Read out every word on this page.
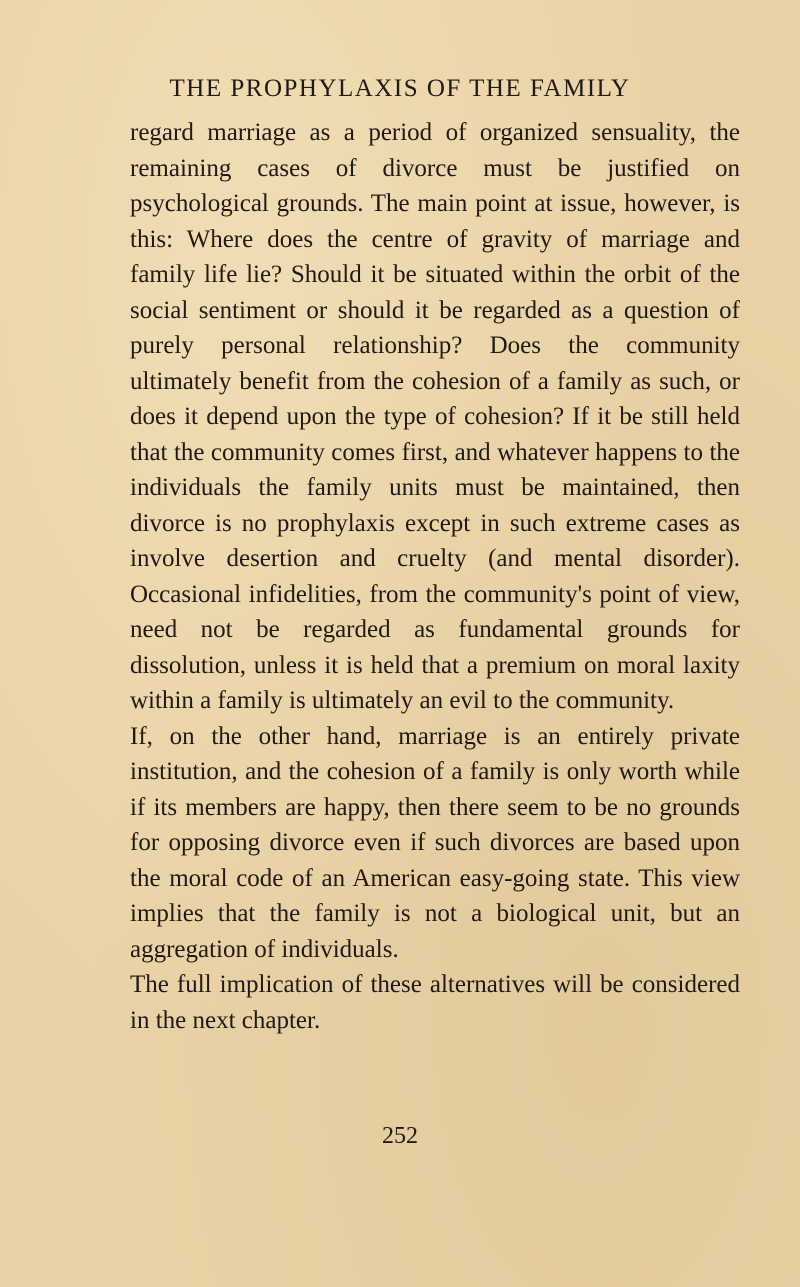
THE PROPHYLAXIS OF THE FAMILY

regard marriage as a period of organized sensuality, the remaining cases of divorce must be justified on psychological grounds. The main point at issue, however, is this: Where does the centre of gravity of marriage and family life lie? Should it be situated within the orbit of the social sentiment or should it be regarded as a question of purely personal relationship? Does the community ultimately benefit from the cohesion of a family as such, or does it depend upon the type of cohesion? If it be still held that the community comes first, and whatever happens to the individuals the family units must be maintained, then divorce is no prophylaxis except in such extreme cases as involve desertion and cruelty (and mental disorder). Occasional infidelities, from the community's point of view, need not be regarded as fundamental grounds for dissolution, unless it is held that a premium on moral laxity within a family is ultimately an evil to the community.

If, on the other hand, marriage is an entirely private institution, and the cohesion of a family is only worth while if its members are happy, then there seem to be no grounds for opposing divorce even if such divorces are based upon the moral code of an American easy-going state. This view implies that the family is not a biological unit, but an aggregation of individuals.

The full implication of these alternatives will be considered in the next chapter.

252
